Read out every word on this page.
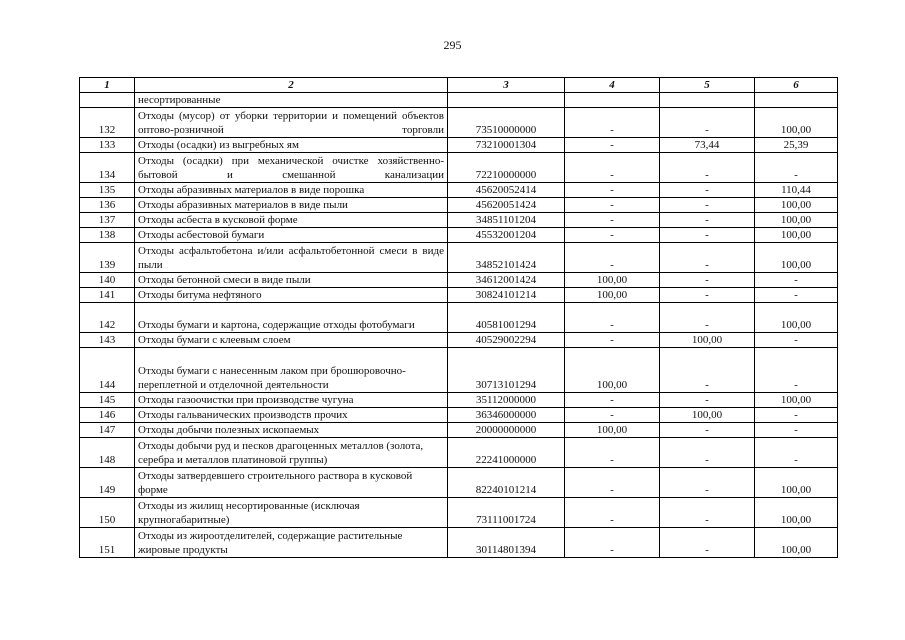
295
1	2	3	4	5	6
	несортированные				
132	Отходы (мусор) от уборки территории и помещений объектов оптово-розничной торговли	73510000000	-	-	100,00
133	Отходы (осадки) из выгребных ям	73210001304	-	73,44	25,39
134	Отходы (осадки) при механической очистке хозяйственно-бытовой и смешанной канализации	72210000000	-	-	-
135	Отходы абразивных материалов в виде порошка	45620052414	-	-	110,44
136	Отходы абразивных материалов в виде пыли	45620051424	-	-	100,00
137	Отходы асбеста в кусковой форме	34851101204	-	-	100,00
138	Отходы асбестовой бумаги	45532001204	-	-	100,00
139	Отходы асфальтобетона и/или асфальтобетонной смеси в виде пыли	34852101424	-	-	100,00
140	Отходы бетонной смеси в виде пыли	34612001424	100,00	-	-
141	Отходы битума нефтяного	30824101214	100,00	-	-
142	Отходы бумаги и картона, содержащие отходы фотобумаги	40581001294	-	-	100,00
143	Отходы бумаги с клеевым слоем	40529002294	-	100,00	-
144	Отходы бумаги с нанесенным лаком при брошюровочно-переплетной и отделочной деятельности	30713101294	100,00	-	-
145	Отходы газоочистки при производстве чугуна	35112000000	-	-	100,00
146	Отходы гальванических производств прочих	36346000000	-	100,00	-
147	Отходы добычи полезных ископаемых	20000000000	100,00	-	-
148	Отходы добычи руд и песков драгоценных металлов (золота, серебра и металлов платиновой группы)	22241000000	-	-	-
149	Отходы затвердевшего строительного раствора в кусковой форме	82240101214	-	-	100,00
150	Отходы из жилищ несортированные (исключая крупногабаритные)	73111001724	-	-	100,00
151	Отходы из жироотделителей, содержащие растительные жировые продукты	30114801394	-	-	100,00
